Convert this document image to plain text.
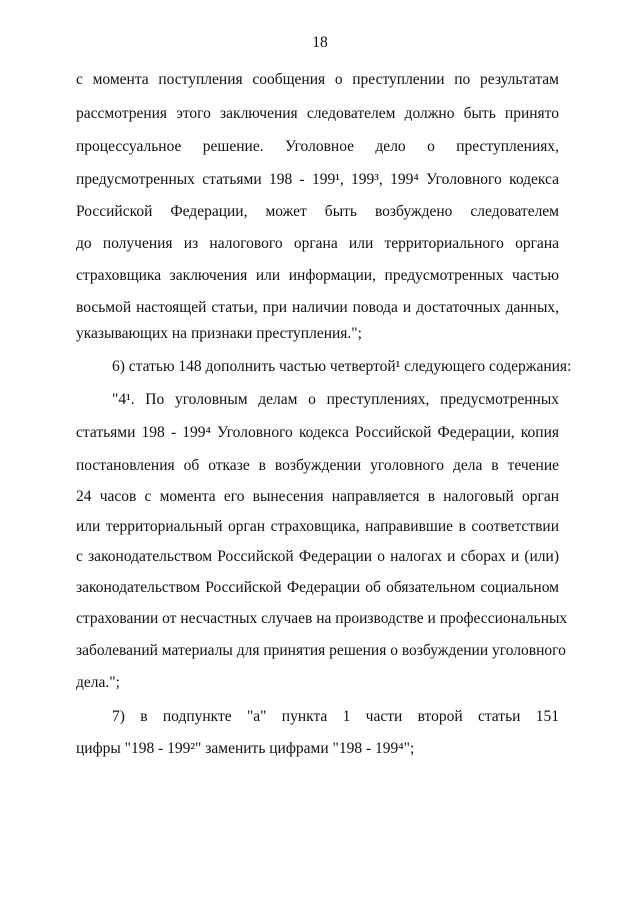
18
с момента поступления сообщения о преступлении по результатам
рассмотрения этого заключения следователем должно быть принято
процессуальное решение. Уголовное дело о преступлениях,
предусмотренных статьями 198 - 199¹, 199³, 199⁴ Уголовного кодекса
Российской Федерации, может быть возбуждено следователем
до получения из налогового органа или территориального органа
страховщика заключения или информации, предусмотренных частью
восьмой настоящей статьи, при наличии повода и достаточных данных,
указывающих на признаки преступления.";
6) статью 148 дополнить частью четвертой¹ следующего содержания:
"4¹. По уголовным делам о преступлениях, предусмотренных
статьями 198 - 199⁴ Уголовного кодекса Российской Федерации, копия
постановления об отказе в возбуждении уголовного дела в течение
24 часов с момента его вынесения направляется в налоговый орган
или территориальный орган страховщика, направившие в соответствии
с законодательством Российской Федерации о налогах и сборах и (или)
законодательством Российской Федерации об обязательном социальном
страховании от несчастных случаев на производстве и профессиональных
заболеваний материалы для принятия решения о возбуждении уголовного
дела.";
7) в подпункте "а" пункта 1 части второй статьи 151
цифры "198 - 199²" заменить цифрами "198 - 199⁴";
